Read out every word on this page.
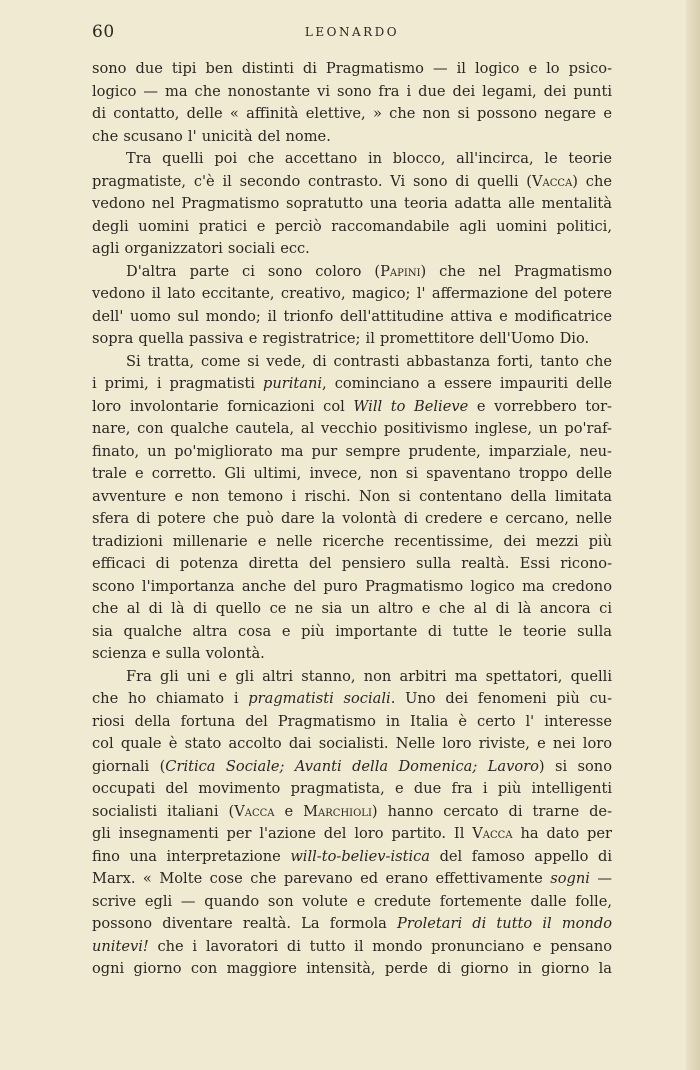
60	LEONARDO
sono due tipi ben distinti di Pragmatismo — il logico e lo psico-
logico — ma che nonostante vi sono fra i due dei legami, dei punti
di contatto, delle « affinità elettive, » che non si possono negare e
che scusano l' unicità del nome.
Tra quelli poi che accettano in blocco, all'incirca, le teorie
pragmatiste, c'è il secondo contrasto. Vi sono di quelli (Vacca) che
vedono nel Pragmatismo sopratutto una teoria adatta alle mentalità
degli uomini pratici e perciò raccomandabile agli uomini politici,
agli organizzatori sociali ecc.
D'altra parte ci sono coloro (Papini) che nel Pragmatismo
vedono il lato eccitante, creativo, magico; l' affermazione del potere
dell' uomo sul mondo; il trionfo dell'attitudine attiva e modificatrice
sopra quella passiva e registratrice; il promettitore dell'Uomo Dio.
Si tratta, come si vede, di contrasti abbastanza forti, tanto che
i primi, i pragmatisti puritani, cominciano a essere impauriti delle
loro involontarie fornicazioni col Will to Believe e vorrebbero tor-
nare, con qualche cautela, al vecchio positivismo inglese, un po'raf-
finato, un po'migliorato ma pur sempre prudente, imparziale, neu-
trale e corretto. Gli ultimi, invece, non si spaventano troppo delle
avventure e non temono i rischi. Non si contentano della limitata
sfera di potere che può dare la volontà di credere e cercano, nelle
tradizioni millenarie e nelle ricerche recentissime, dei mezzi più
efficaci di potenza diretta del pensiero sulla realtà. Essi ricono-
scono l'importanza anche del puro Pragmatismo logico ma credono
che al di là di quello ce ne sia un altro e che al di là ancora ci
sia qualche altra cosa e più importante di tutte le teorie sulla
scienza e sulla volontà.
Fra gli uni e gli altri stanno, non arbitri ma spettatori, quelli
che ho chiamato i pragmatisti sociali. Uno dei fenomeni più cu-
riosi della fortuna del Pragmatismo in Italia è certo l' interesse
col quale è stato accolto dai socialisti. Nelle loro riviste, e nei loro
giornali (Critica Sociale; Avanti della Domenica; Lavoro) si sono
occupati del movimento pragmatista, e due fra i più intelligenti
socialisti italiani (Vacca e Marchioli) hanno cercato di trarne de-
gli insegnamenti per l'azione del loro partito. Il Vacca ha dato per
fino una interpretazione will-to-believ-istica del famoso appello di
Marx. « Molte cose che parevano ed erano effettivamente sogni —
scrive egli — quando son volute e credute fortemente dalle folle,
possono diventare realtà. La formola Proletari di tutto il mondo
unitevi! che i lavoratori di tutto il mondo pronunciano e pensano
ogni giorno con maggiore intensità, perde di giorno in giorno la
